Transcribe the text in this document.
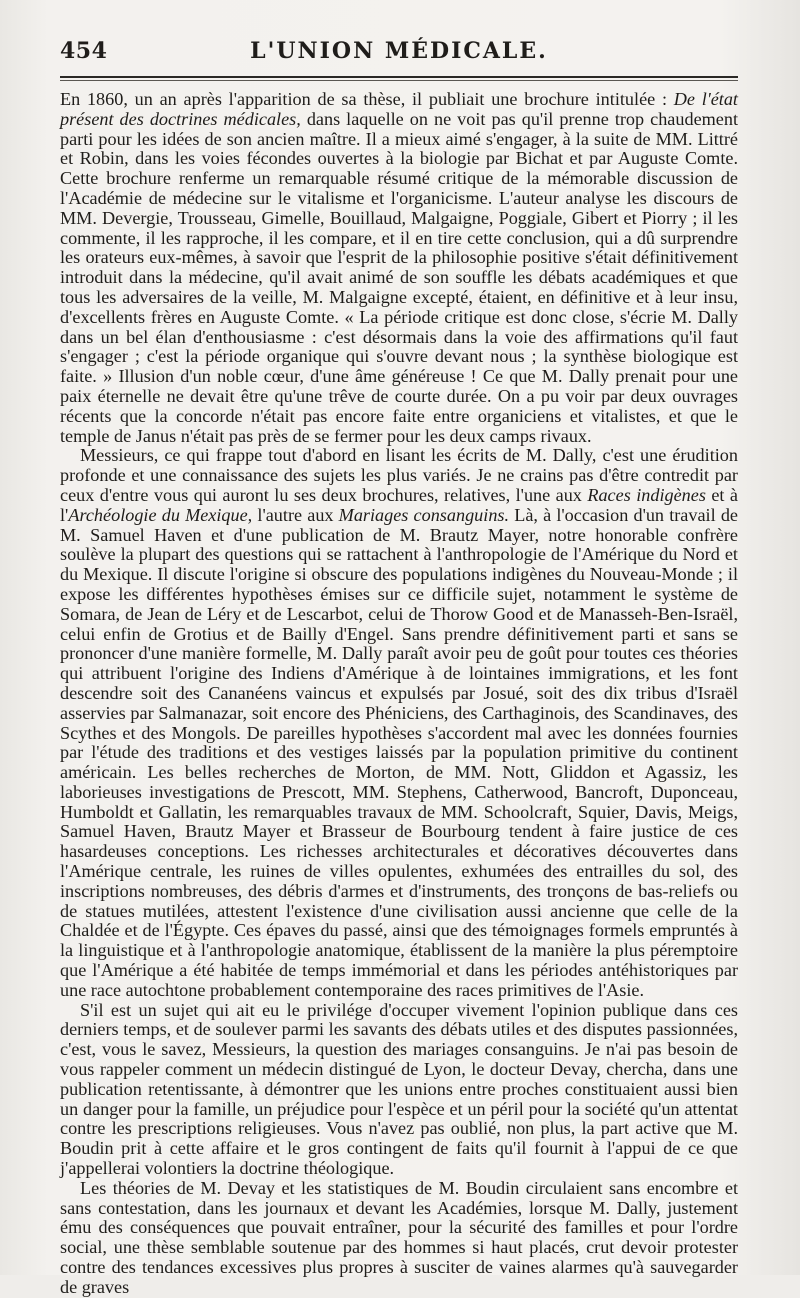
454	L'UNION MÉDICALE.

En 1860, un an après l'apparition de sa thèse, il publiait une brochure intitulée : De l'état présent des doctrines médicales, dans laquelle on ne voit pas qu'il prenne trop chaudement parti pour les idées de son ancien maître. Il a mieux aimé s'engager, à la suite de MM. Littré et Robin, dans les voies fécondes ouvertes à la biologie par Bichat et par Auguste Comte. Cette brochure renferme un remarquable résumé critique de la mémorable discussion de l'Académie de médecine sur le vitalisme et l'organicisme. L'auteur analyse les discours de MM. Devergie, Trousseau, Gimelle, Bouillaud, Malgaigne, Poggiale, Gibert et Piorry ; il les commente, il les rapproche, il les compare, et il en tire cette conclusion, qui a dû surprendre les orateurs eux-mêmes, à savoir que l'esprit de la philosophie positive s'était définitivement introduit dans la médecine, qu'il avait animé de son souffle les débats académiques et que tous les adversaires de la veille, M. Malgaigne excepté, étaient, en définitive et à leur insu, d'excellents frères en Auguste Comte. « La période critique est donc close, s'écrie M. Dally dans un bel élan d'enthousiasme : c'est désormais dans la voie des affirmations qu'il faut s'engager ; c'est la période organique qui s'ouvre devant nous ; la synthèse biologique est faite. » Illusion d'un noble cœur, d'une âme généreuse ! Ce que M. Dally prenait pour une paix éternelle ne devait être qu'une trêve de courte durée. On a pu voir par deux ouvrages récents que la concorde n'était pas encore faite entre organiciens et vitalistes, et que le temple de Janus n'était pas près de se fermer pour les deux camps rivaux.

Messieurs, ce qui frappe tout d'abord en lisant les écrits de M. Dally, c'est une érudition profonde et une connaissance des sujets les plus variés. Je ne crains pas d'être contredit par ceux d'entre vous qui auront lu ses deux brochures, relatives, l'une aux Races indigènes et à l'Archéologie du Mexique, l'autre aux Mariages consanguins. Là, à l'occasion d'un travail de M. Samuel Haven et d'une publication de M. Brautz Mayer, notre honorable confrère soulève la plupart des questions qui se rattachent à l'anthropologie de l'Amérique du Nord et du Mexique. Il discute l'origine si obscure des populations indigènes du Nouveau-Monde ; il expose les différentes hypothèses émises sur ce difficile sujet, notamment le système de Somara, de Jean de Léry et de Lescarbot, celui de Thorow Good et de Manasseh-Ben-Israël, celui enfin de Grotius et de Bailly d'Engel. Sans prendre définitivement parti et sans se prononcer d'une manière formelle, M. Dally paraît avoir peu de goût pour toutes ces théories qui attribuent l'origine des Indiens d'Amérique à de lointaines immigrations, et les font descendre soit des Cananéens vaincus et expulsés par Josué, soit des dix tribus d'Israël asservies par Salmanazar, soit encore des Phéniciens, des Carthaginois, des Scandinaves, des Scythes et des Mongols. De pareilles hypothèses s'accordent mal avec les données fournies par l'étude des traditions et des vestiges laissés par la population primitive du continent américain. Les belles recherches de Morton, de MM. Nott, Gliddon et Agassiz, les laborieuses investigations de Prescott, MM. Stephens, Catherwood, Bancroft, Duponceau, Humboldt et Gallatin, les remarquables travaux de MM. Schoolcraft, Squier, Davis, Meigs, Samuel Haven, Brautz Mayer et Brasseur de Bourbourg tendent à faire justice de ces hasardeuses conceptions. Les richesses architecturales et décoratives découvertes dans l'Amérique centrale, les ruines de villes opulentes, exhumées des entrailles du sol, des inscriptions nombreuses, des débris d'armes et d'instruments, des tronçons de bas-reliefs ou de statues mutilées, attestent l'existence d'une civilisation aussi ancienne que celle de la Chaldée et de l'Égypte. Ces épaves du passé, ainsi que des témoignages formels empruntés à la linguistique et à l'anthropologie anatomique, établissent de la manière la plus péremptoire que l'Amérique a été habitée de temps immémorial et dans les périodes antéhistoriques par une race autochtone probablement contemporaine des races primitives de l'Asie.

S'il est un sujet qui ait eu le privilége d'occuper vivement l'opinion publique dans ces derniers temps, et de soulever parmi les savants des débats utiles et des disputes passionnées, c'est, vous le savez, Messieurs, la question des mariages consanguins. Je n'ai pas besoin de vous rappeler comment un médecin distingué de Lyon, le docteur Devay, chercha, dans une publication retentissante, à démontrer que les unions entre proches constituaient aussi bien un danger pour la famille, un préjudice pour l'espèce et un péril pour la société qu'un attentat contre les prescriptions religieuses. Vous n'avez pas oublié, non plus, la part active que M. Boudin prit à cette affaire et le gros contingent de faits qu'il fournit à l'appui de ce que j'appellerai volontiers la doctrine théologique.

Les théories de M. Devay et les statistiques de M. Boudin circulaient sans encombre et sans contestation, dans les journaux et devant les Académies, lorsque M. Dally, justement ému des conséquences que pouvait entraîner, pour la sécurité des familles et pour l'ordre social, une thèse semblable soutenue par des hommes si haut placés, crut devoir protester contre des tendances excessives plus propres à susciter de vaines alarmes qu'à sauvegarder de graves
